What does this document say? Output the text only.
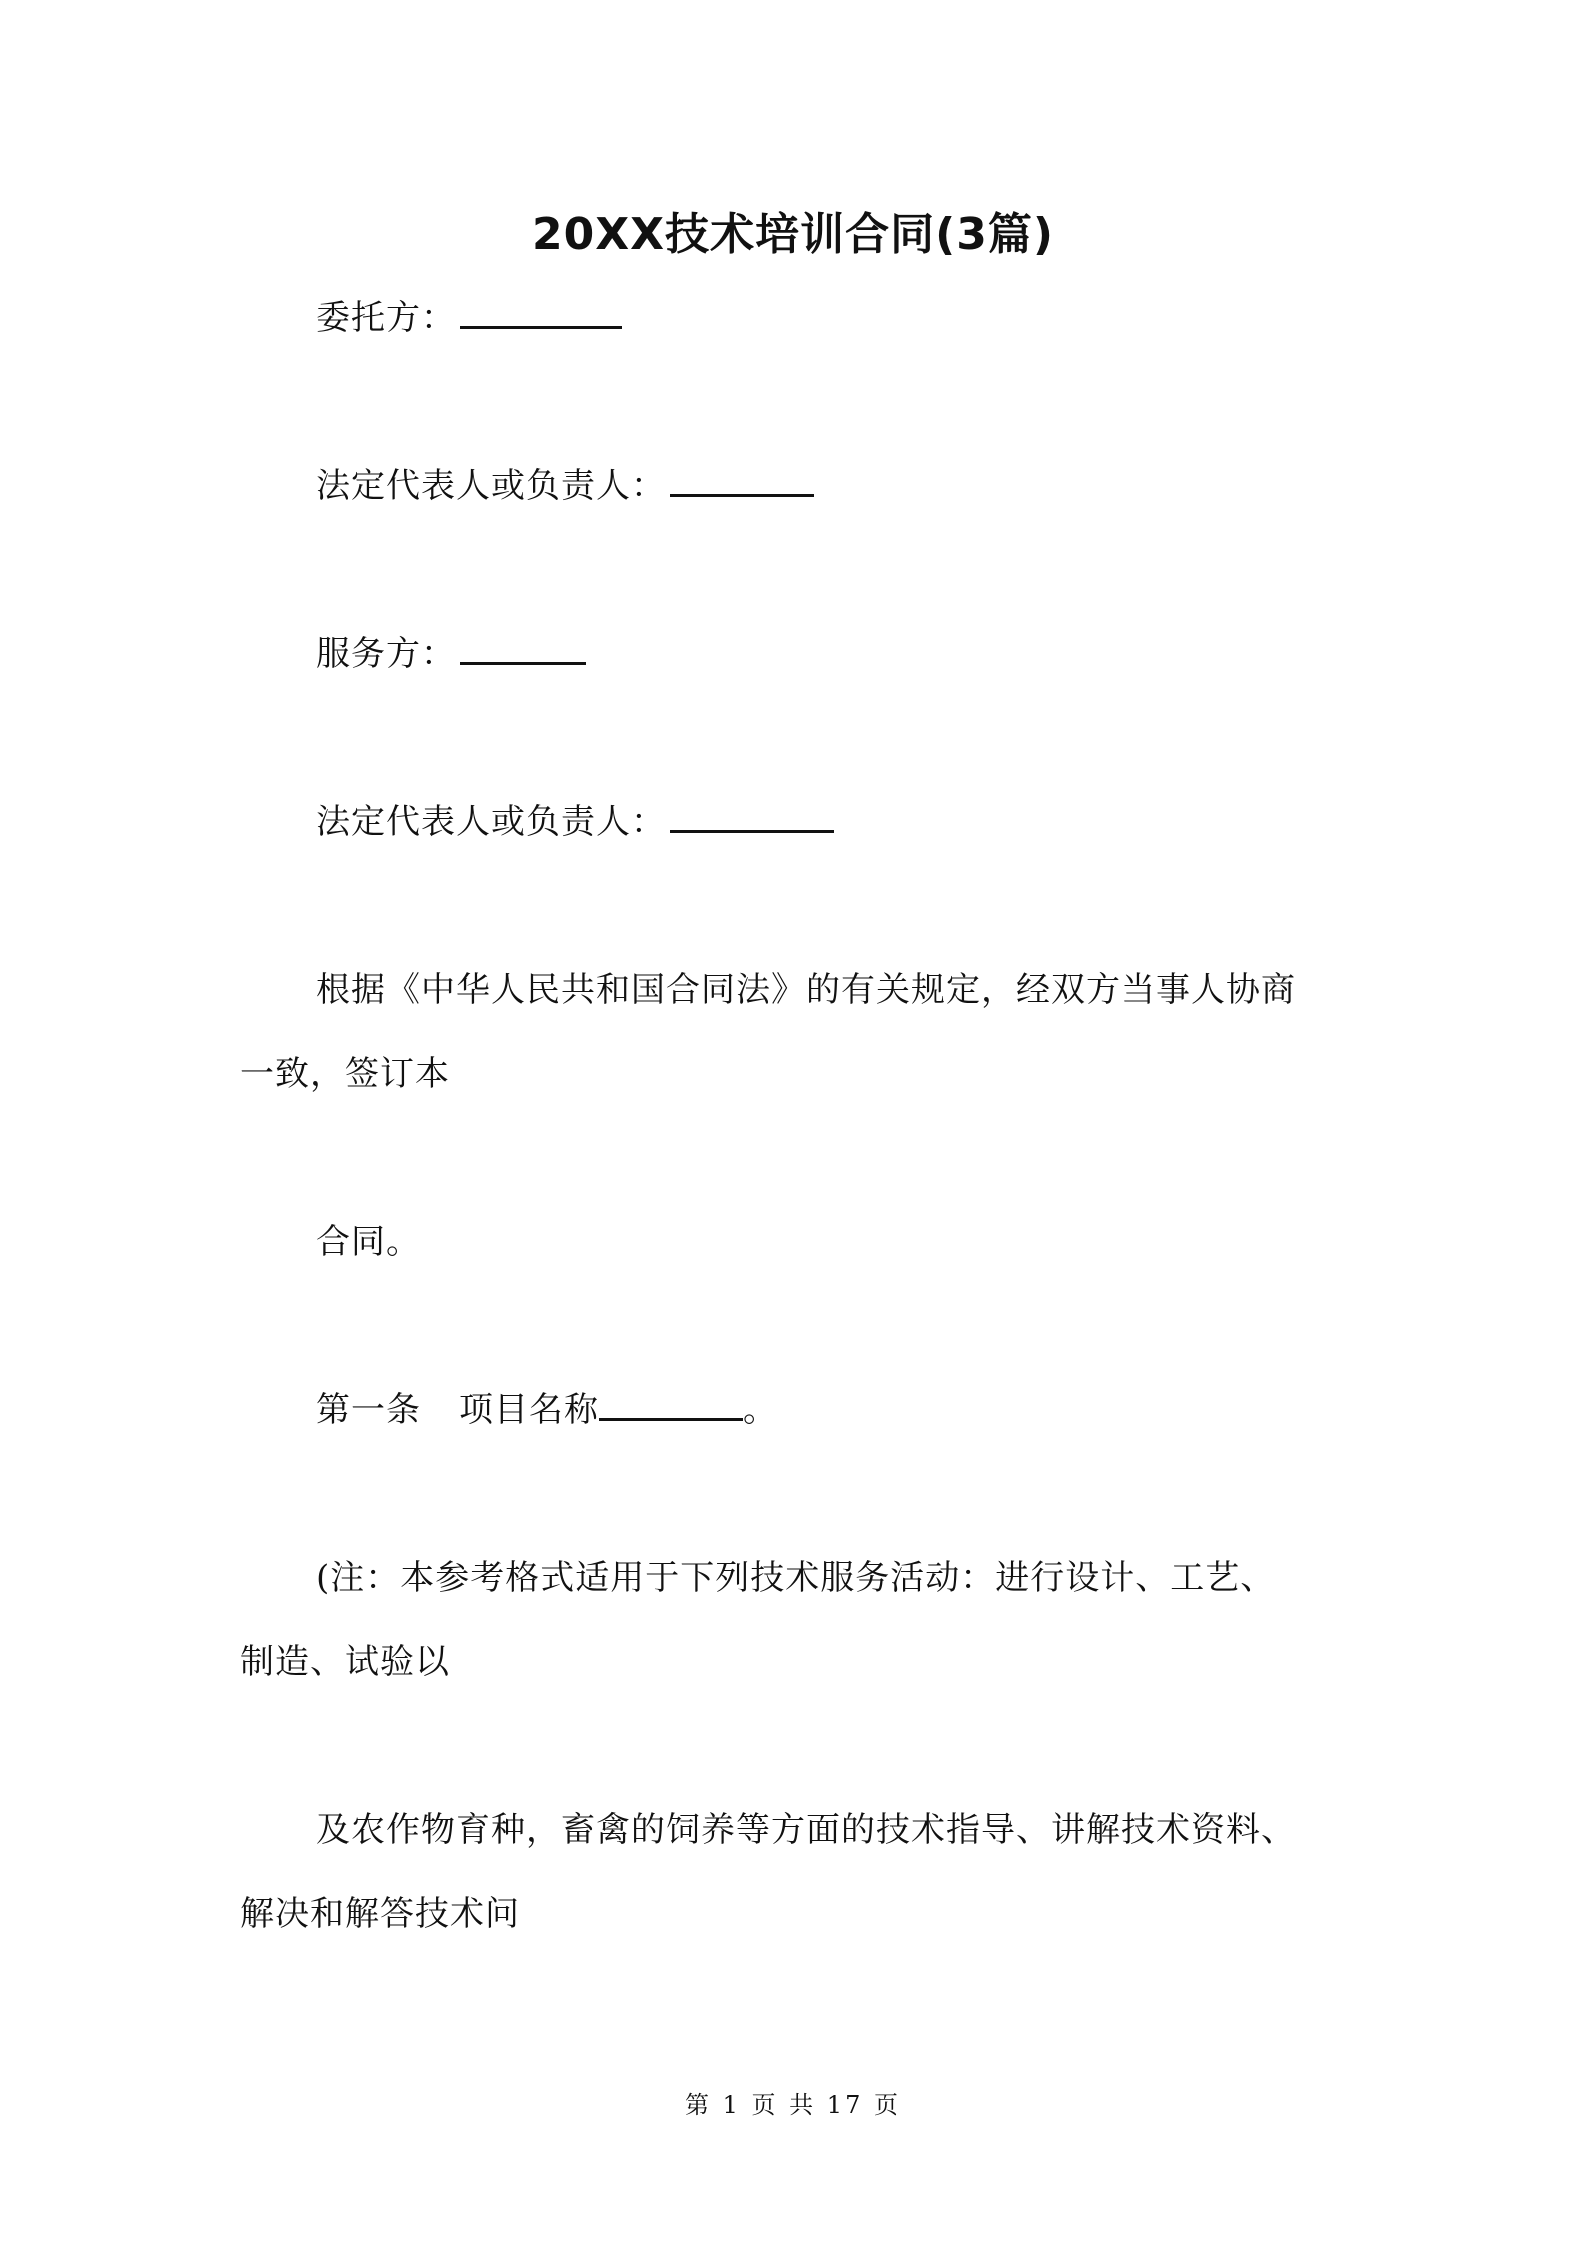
20XX技术培训合同(3篇)
委托方：
法定代表人或负责人：
服务方：
法定代表人或负责人：
根据《中华人民共和国合同法》的有关规定，经双方当事人协商
一致，签订本
合同。
第一条 项目名称	。
(注：本参考格式适用于下列技术服务活动：进行设计、工艺、
制造、试验以
及农作物育种，畜禽的饲养等方面的技术指导、讲解技术资料、
解决和解答技术问
第 1 页 共 17 页
